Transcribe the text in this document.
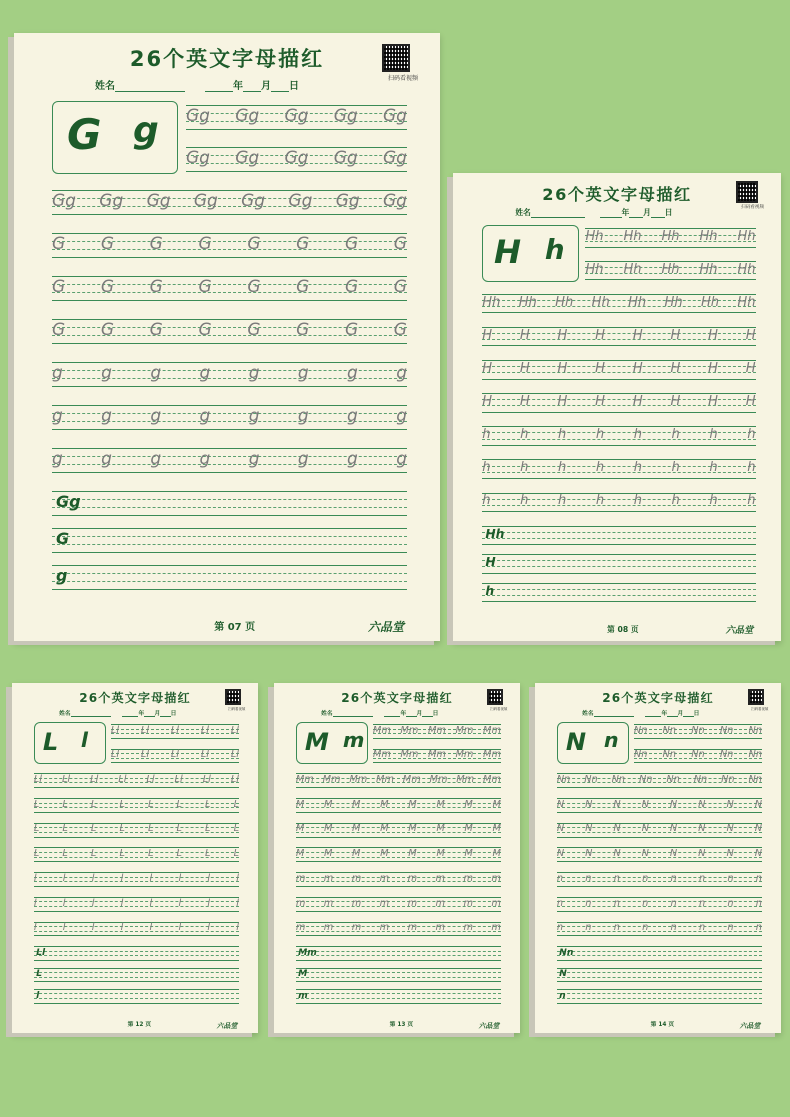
26个英文字母描红
姓名	年 月 日
扫码看视频
G g Gg Gg Gg Gg Gg
Gg Gg Gg Gg Gg
Gg Gg Gg Gg Gg Gg Gg Gg
G G G G G G G G
G G G G G G G G
G G G G G G G G
g g g g g g g g
g g g g g g g g
g g g g g g g g
Gg
G
g
第 07 页	六品堂
26个英文字母描红
姓名	年 月 日
扫码看视频
H h Hh Hh Hh Hh Hh
Hh Hh Hh Hh Hh
Hh Hh Hh Hh Hh Hh Hh Hh
H H H H H H H H
H H H H H H H H
H H H H H H H H
h h h h h h h h
h h h h h h h h
h h h h h h h h
Hh
H
h
第 08 页	六品堂
26个英文字母描红
姓名	年 月 日
扫码看视频
L l Ll Ll Ll Ll Ll
Ll Ll Ll Ll Ll
Ll Ll Ll Ll Ll Ll Ll Ll
L L L L L L L L
L L L L L L L L
L L L L L L L L
l	l	l	l	l	l	l	l
l	l	l	l	l	l	l	l
l	l	l	l	l	l	l	l
Ll
L
l
第 12 页	六品堂
26个英文字母描红
姓名	年 月 日
扫码看视频
M m Mm Mm Mm Mm Mm
Mm Mm Mm Mm Mm
Mm Mm Mm Mm Mm Mm Mm Mm
M M M M M M M M
M M M M M M M M
M M M M M M M M
m m m m m m m m
m m m m m m m m
m m m m m m m m
Mm
M
m
第 13 页	六品堂
26个英文字母描红
姓名	年 月 日
扫码看视频
N n Nn Nn Nn Nn Nn
Nn Nn Nn Nn Nn
Nn Nn Nn Nn Nn Nn Nn Nn
N N N N N N N N
N N N N N N N N
N N N N N N N N
n n n n n n n n
n n n n n n n n
n n n n n n n n
Nn
N
n
第 14 页	六品堂
